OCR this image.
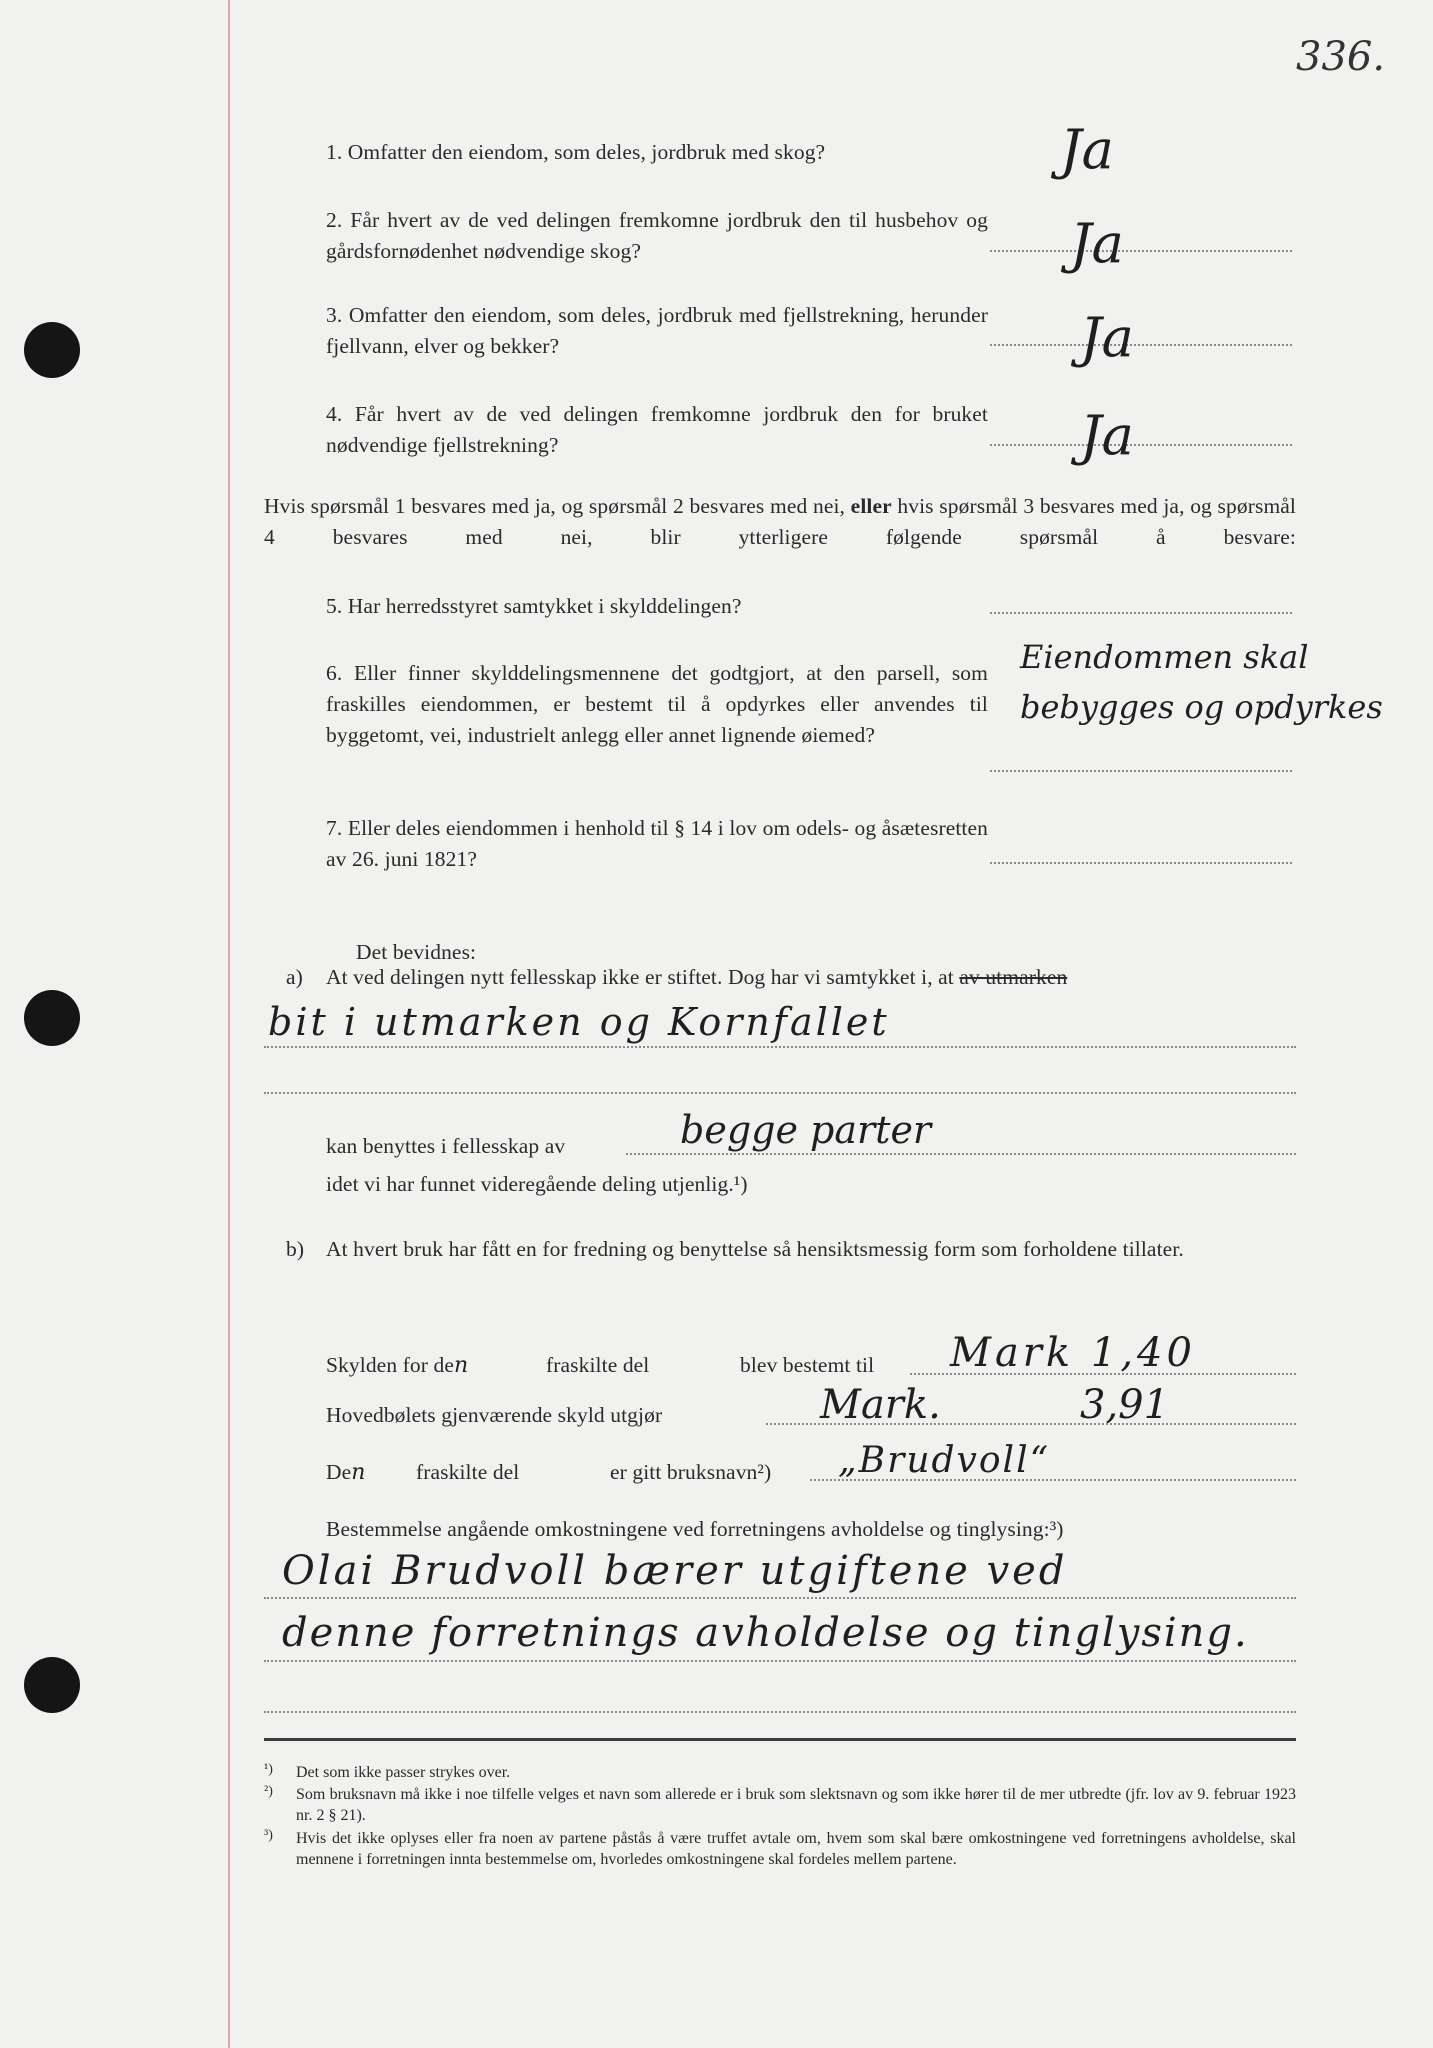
336.
1. Omfatter den eiendom, som deles, jordbruk med skog?	Ja
2. Får hvert av de ved delingen fremkomne jordbruk den til husbehov og gårdsfornødenhet nødvendige skog?	Ja
3. Omfatter den eiendom, som deles, jordbruk med fjellstrekning, herunder fjellvann, elver og bekker?	Ja
4. Får hvert av de ved delingen fremkomne jordbruk den for bruket nødvendige fjellstrekning?	Ja
Hvis spørsmål 1 besvares med ja, og spørsmål 2 besvares med nei, eller hvis spørsmål 3 besvares med ja, og spørsmål 4 besvares med nei, blir ytterligere følgende spørsmål å besvare:
5. Har herredsstyret samtykket i skylddelingen?
6. Eller finner skylddelingsmennene det godtgjort, at den parsell, som fraskilles eiendommen, er bestemt til å opdyrkes eller anvendes til byggetomt, vei, industrielt anlegg eller annet lignende øiemed?
Eiendommen skal
bebygges og opdyrkes
7. Eller deles eiendommen i henhold til § 14 i lov om odels- og åsætesretten av 26. juni 1821?
Det bevidnes:
a) At ved delingen nytt fellesskap ikke er stiftet. Dog har vi samtykket i, at av utmarken
bit i utmarken og Kornfallet
kan benyttes i fellesskap av	begge parter
idet vi har funnet videregående deling utjenlig.¹)
b) At hvert bruk har fått en for fredning og benyttelse så hensiktsmessig form som forholdene tillater.
Skylden for den	fraskilte del	blev bestemt til Mark 1,40
Hovedbølets gjenværende skyld utgjør	Mark.	3,91
Den fraskilte del	er gitt bruksnavn²) „Brudvoll“
Bestemmelse angående omkostningene ved forretningens avholdelse og tinglysing:³)
Olai Brudvoll bærer utgiftene ved
denne forretnings avholdelse og tinglysing.
¹) Det som ikke passer strykes over.
²) Som bruksnavn må ikke i noe tilfelle velges et navn som allerede er i bruk som slektsnavn og som ikke hører til de mer utbredte (jfr. lov av 9. februar 1923 nr. 2 § 21).
³) Hvis det ikke oplyses eller fra noen av partene påstås å være truffet avtale om, hvem som skal bære omkostningene ved forretningens avholdelse, skal mennene i forretningen innta bestemmelse om, hvorledes omkostningene skal fordeles mellem partene.
